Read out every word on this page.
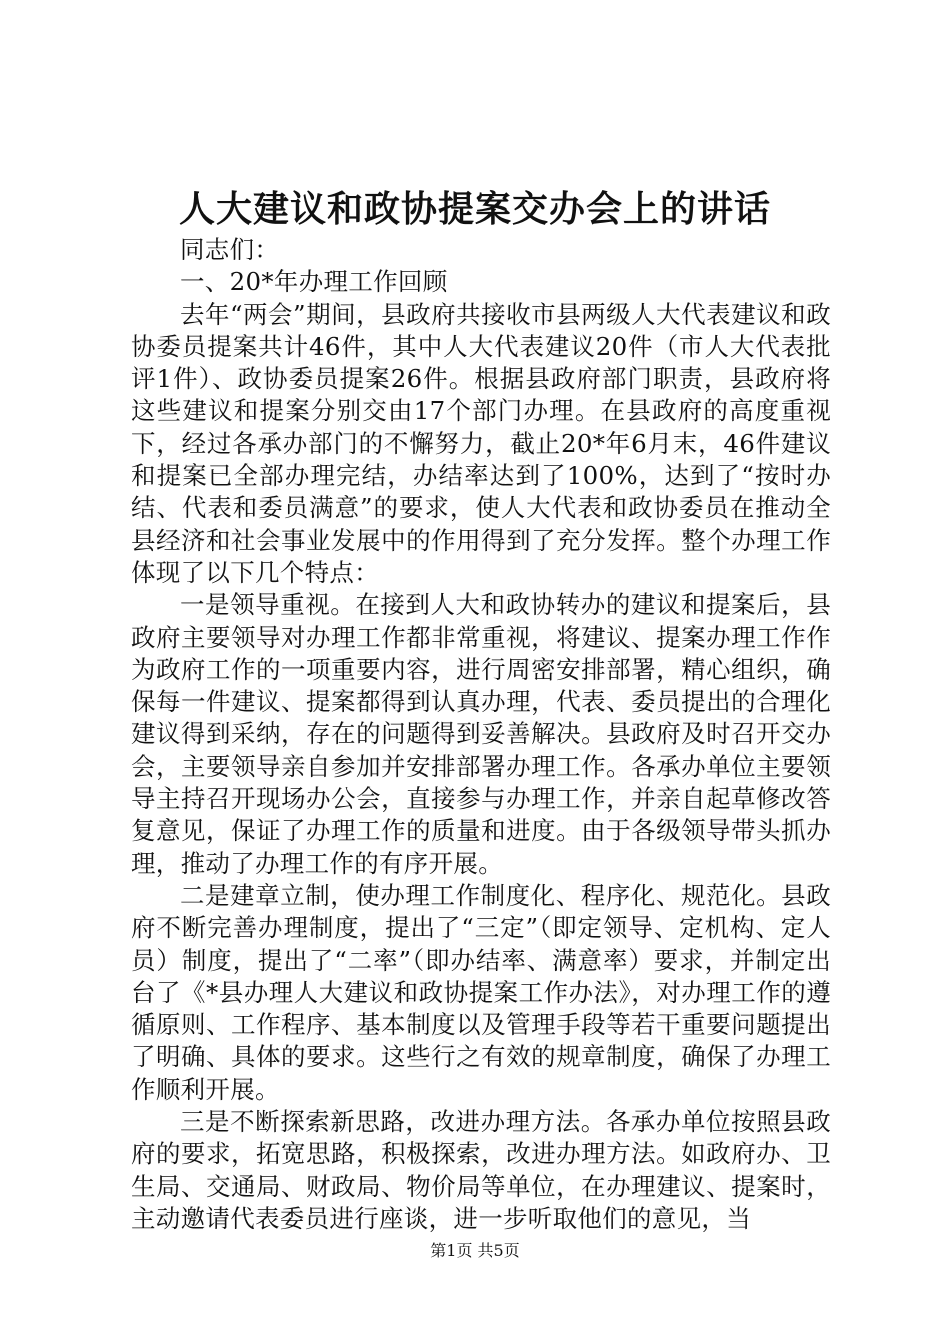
人大建议和政协提案交办会上的讲话

同志们：

一、20*年办理工作回顾

去年“两会”期间，县政府共接收市县两级人大代表建议和政协委员提案共计46件，其中人大代表建议20件（市人大代表批评1件）、政协委员提案26件。根据县政府部门职责，县政府将这些建议和提案分别交由17个部门办理。在县政府的高度重视下，经过各承办部门的不懈努力，截止20*年6月末，46件建议和提案已全部办理完结，办结率达到了100%，达到了“按时办结、代表和委员满意”的要求，使人大代表和政协委员在推动全县经济和社会事业发展中的作用得到了充分发挥。整个办理工作体现了以下几个特点：

一是领导重视。在接到人大和政协转办的建议和提案后，县政府主要领导对办理工作都非常重视，将建议、提案办理工作作为政府工作的一项重要内容，进行周密安排部署，精心组织，确保每一件建议、提案都得到认真办理，代表、委员提出的合理化建议得到采纳，存在的问题得到妥善解决。县政府及时召开交办会，主要领导亲自参加并安排部署办理工作。各承办单位主要领导主持召开现场办公会，直接参与办理工作，并亲自起草修改答复意见，保证了办理工作的质量和进度。由于各级领导带头抓办理，推动了办理工作的有序开展。

二是建章立制，使办理工作制度化、程序化、规范化。县政府不断完善办理制度，提出了“三定”（即定领导、定机构、定人员）制度，提出了“二率”（即办结率、满意率）要求，并制定出台了《*县办理人大建议和政协提案工作办法》，对办理工作的遵循原则、工作程序、基本制度以及管理手段等若干重要问题提出了明确、具体的要求。这些行之有效的规章制度，确保了办理工作顺利开展。

三是不断探索新思路，改进办理方法。各承办单位按照县政府的要求，拓宽思路，积极探索，改进办理方法。如政府办、卫生局、交通局、财政局、物价局等单位，在办理建议、提案时，主动邀请代表委员进行座谈，进一步听取他们的意见，当

第1页 共5页
